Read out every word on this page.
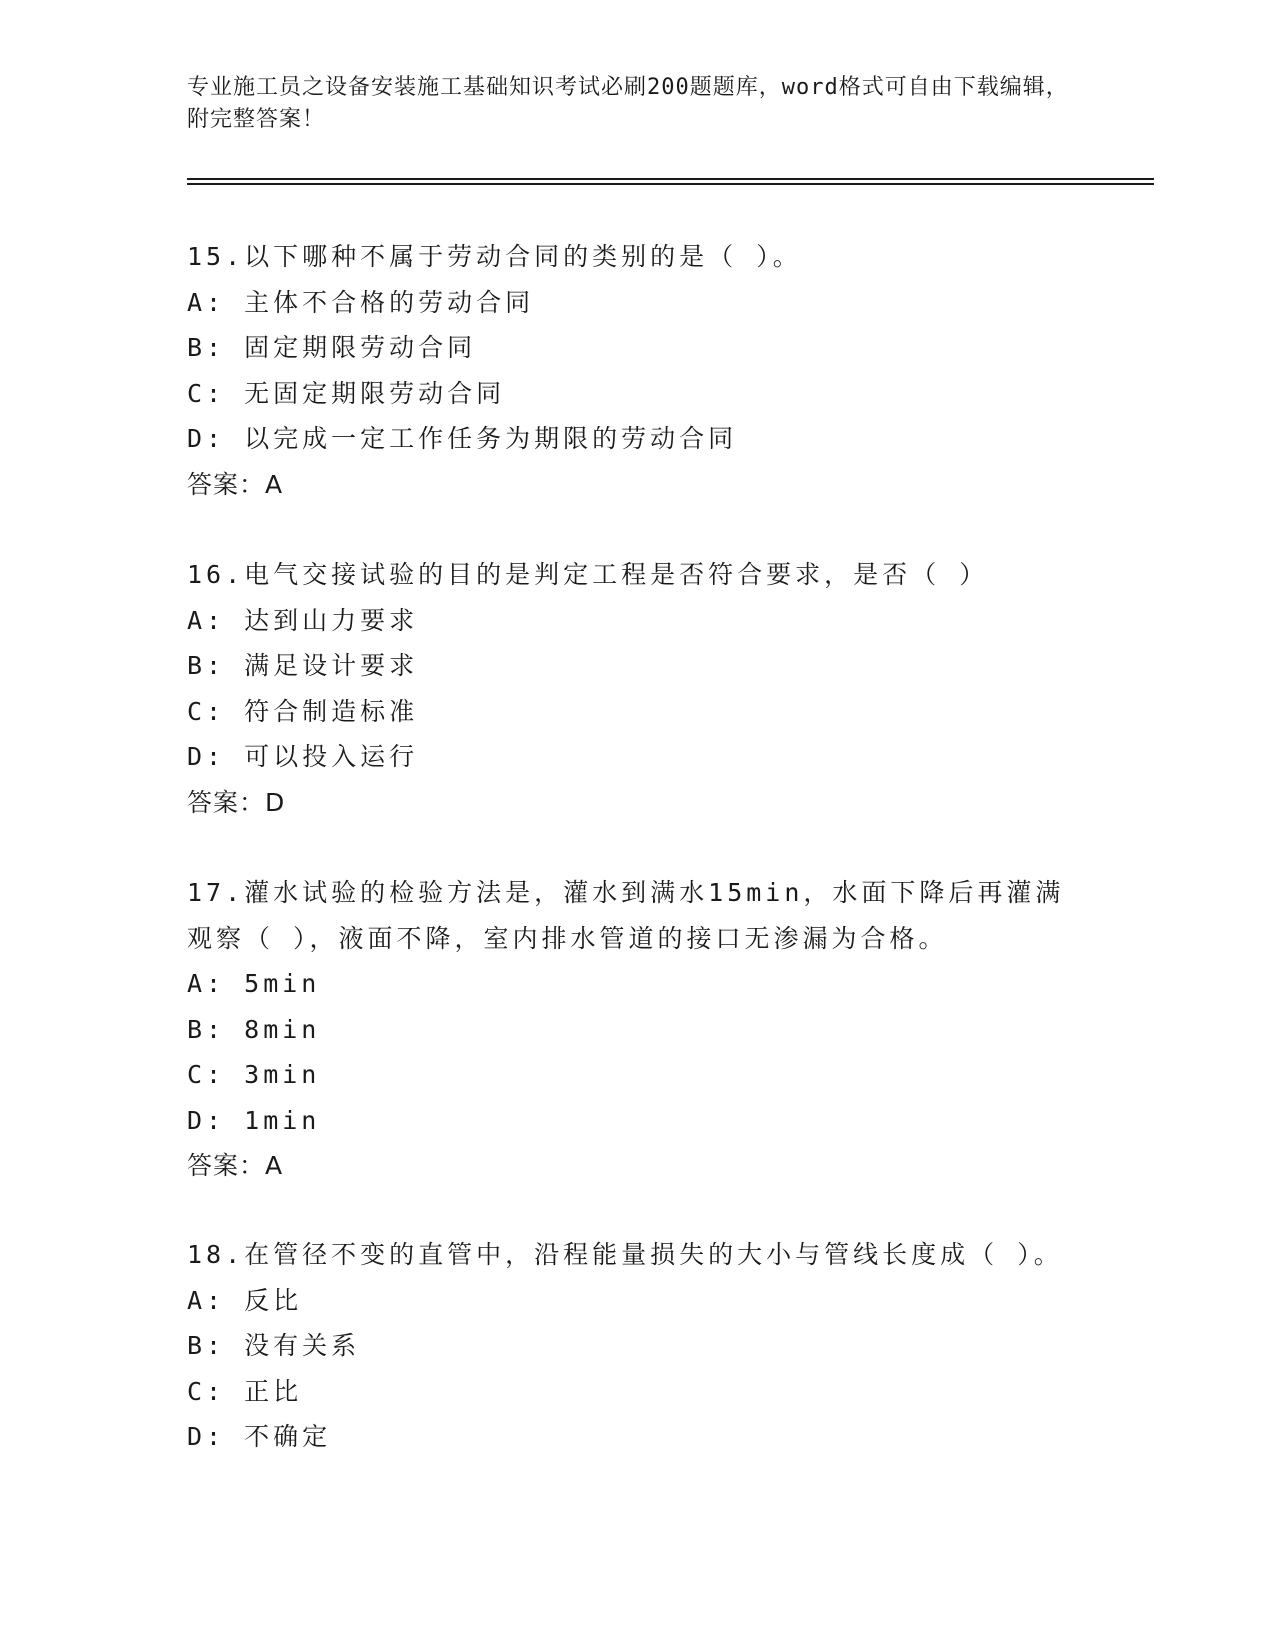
专业施工员之设备安装施工基础知识考试必刷200题题库，word格式可自由下载编辑，附完整答案！

15.以下哪种不属于劳动合同的类别的是（ ）。

A: 主体不合格的劳动合同

B: 固定期限劳动合同

C: 无固定期限劳动合同

D: 以完成一定工作任务为期限的劳动合同

答案：A

16.电气交接试验的目的是判定工程是否符合要求，是否（ ）

A: 达到山力要求

B: 满足设计要求

C: 符合制造标准

D: 可以投入运行

答案：D

17.灌水试验的检验方法是，灌水到满水15min，水面下降后再灌满观察（ ），液面不降，室内排水管道的接口无渗漏为合格。

A: 5min

B: 8min

C: 3min

D: 1min

答案：A

18.在管径不变的直管中，沿程能量损失的大小与管线长度成（ ）。

A: 反比

B: 没有关系

C: 正比

D: 不确定
